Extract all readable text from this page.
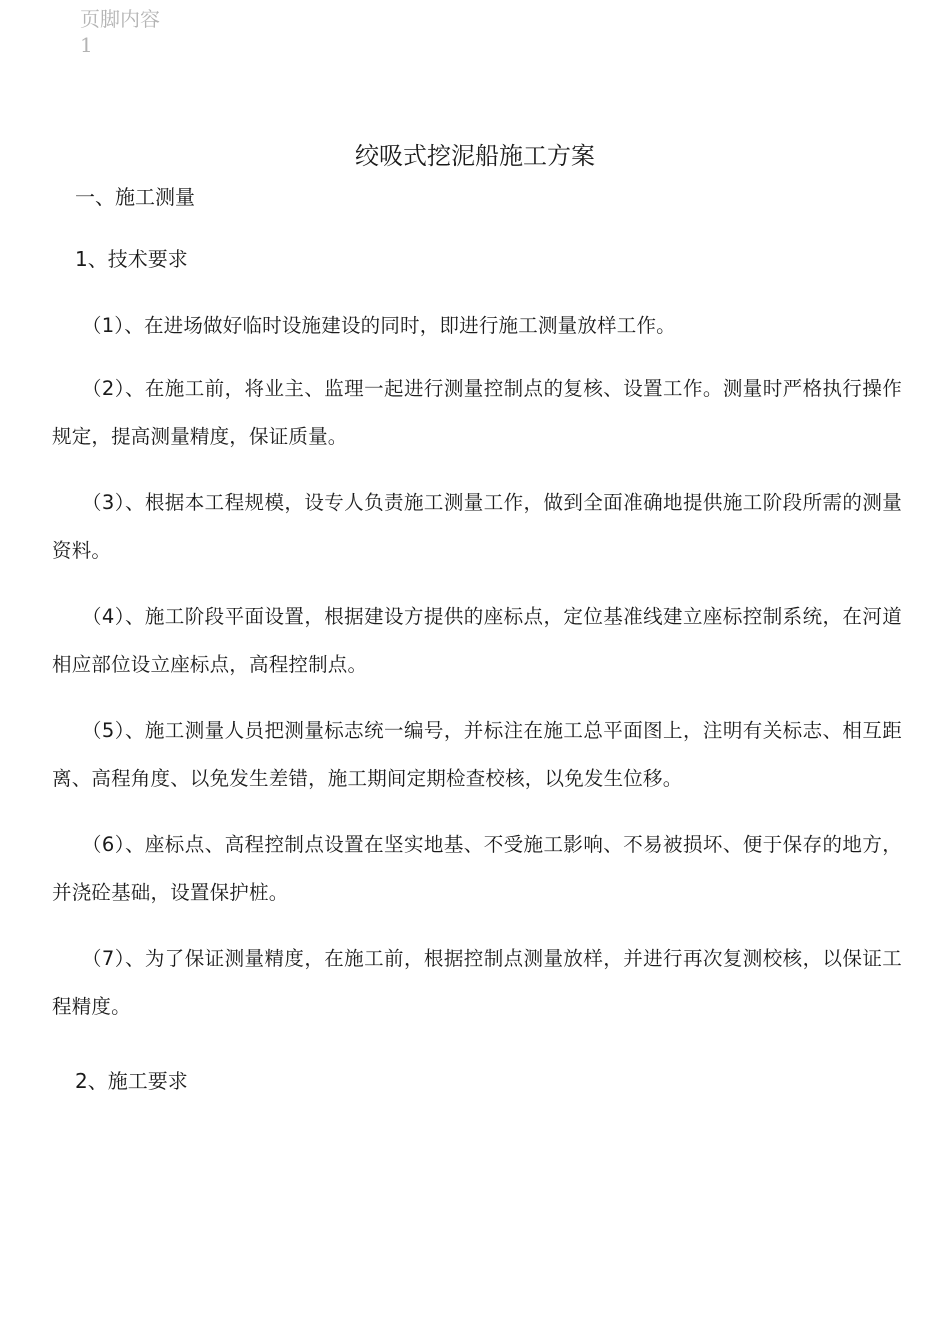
页脚内容1
绞吸式挖泥船施工方案
一、施工测量
1、技术要求

（1）、在进场做好临时设施建设的同时，即进行施工测量放样工作。

（2）、在施工前，将业主、监理一起进行测量控制点的复核、设置工作。测量时严格执行操作规定，提高测量精度，保证质量。

（3）、根据本工程规模，设专人负责施工测量工作，做到全面准确地提供施工阶段所需的测量资料。

（4）、施工阶段平面设置，根据建设方提供的座标点，定位基准线建立座标控制系统，在河道相应部位设立座标点，高程控制点。

（5）、施工测量人员把测量标志统一编号，并标注在施工总平面图上，注明有关标志、相互距离、高程角度、以免发生差错，施工期间定期检查校核，以免发生位移。

（6）、座标点、高程控制点设置在坚实地基、不受施工影响、不易被损坏、便于保存的地方，并浇砼基础，设置保护桩。

（7）、为了保证测量精度，在施工前，根据控制点测量放样，并进行再次复测校核，以保证工程精度。

2、施工要求
